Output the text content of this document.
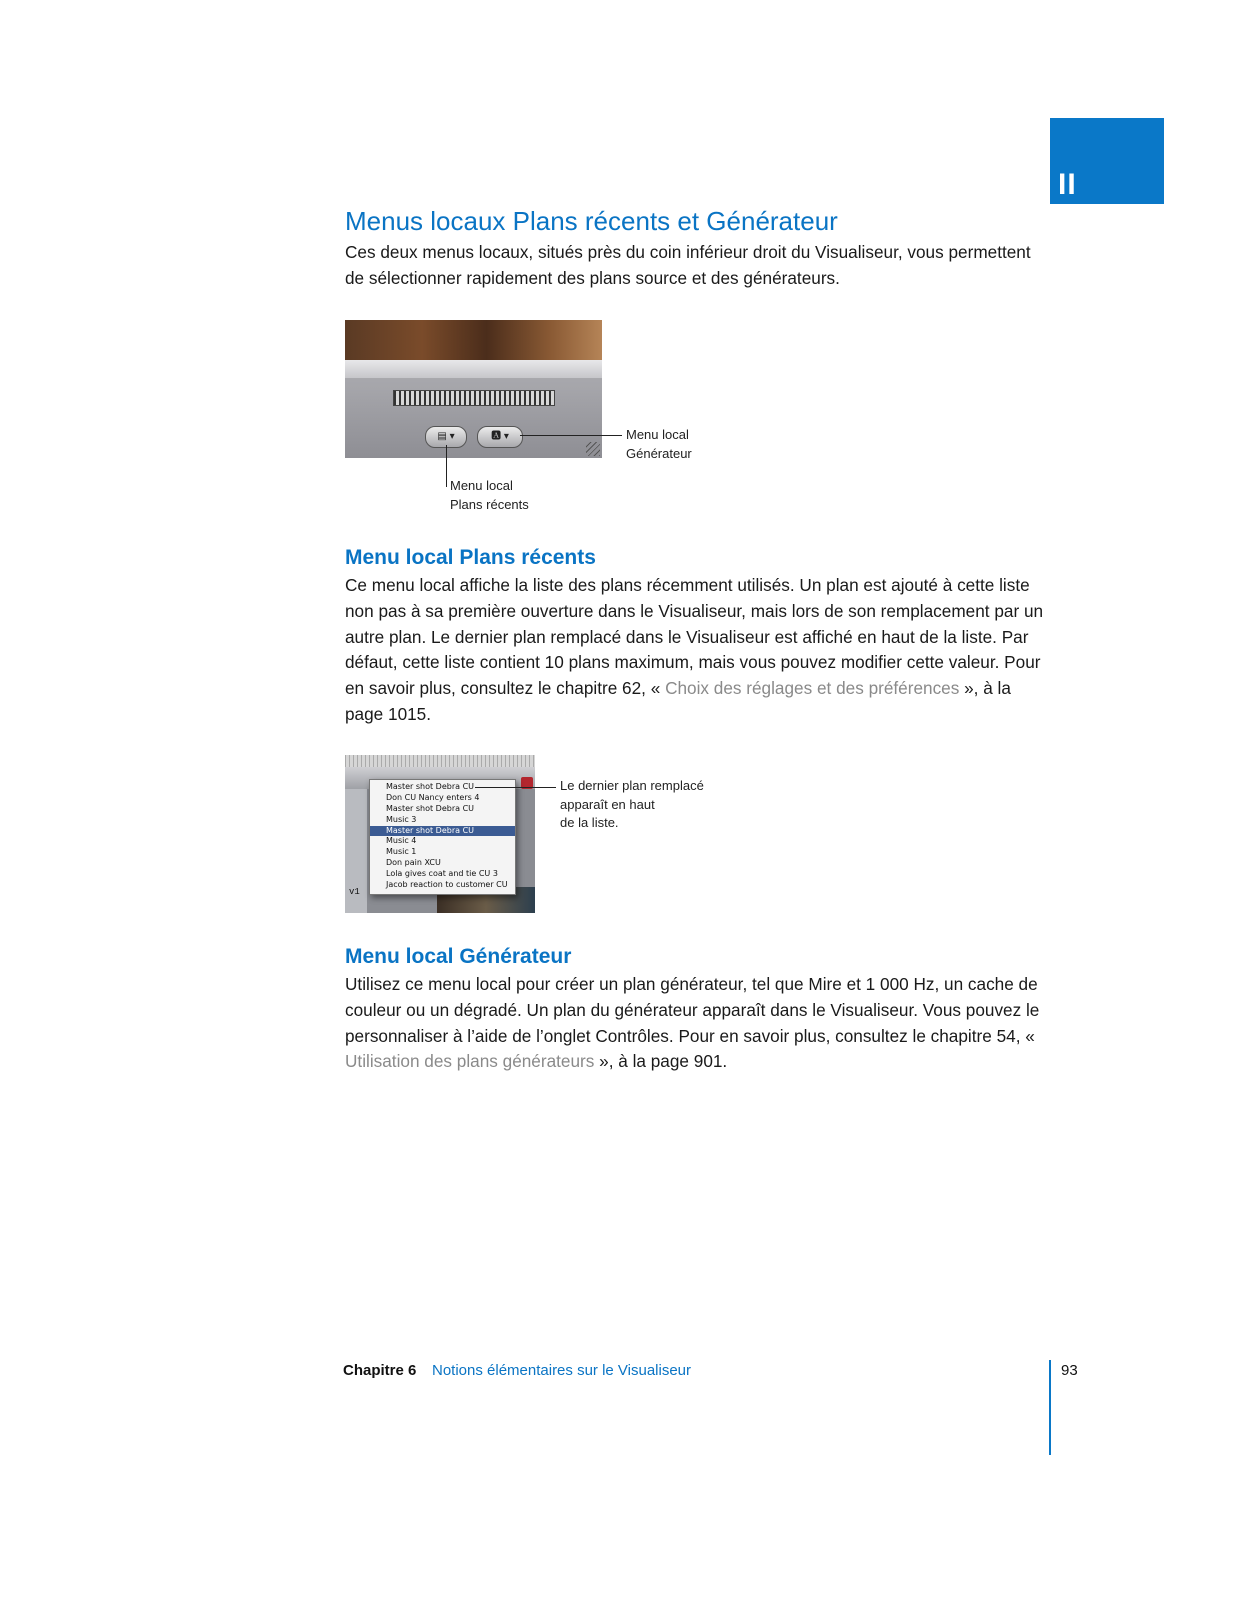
II
Menus locaux Plans récents et Générateur

Ces deux menus locaux, situés près du coin inférieur droit du Visualiseur, vous permettent de sélectionner rapidement des plans source et des générateurs.

▤ ▾	🅰 ▾	Menu local
Générateur
Menu local
Plans récents
Menu local Plans récents

Ce menu local affiche la liste des plans récemment utilisés. Un plan est ajouté à cette liste non pas à sa première ouverture dans le Visualiseur, mais lors de son remplacement par un autre plan. Le dernier plan remplacé dans le Visualiseur est affiché en haut de la liste. Par défaut, cette liste contient 10 plans maximum, mais vous pouvez modifier cette valeur. Pour en savoir plus, consultez le chapitre 62, « Choix des réglages et des préférences », à la page 1015.

v1
Master shot Debra CU
Don CU Nancy enters 4
Master shot Debra CU
Music 3
Master shot Debra CU
Music 4
Music 1
Don pain XCU
Lola gives coat and tie CU 3
Jacob reaction to customer CU
Le dernier plan remplacé
apparaît en haut
de la liste.
Menu local Générateur

Utilisez ce menu local pour créer un plan générateur, tel que Mire et 1 000 Hz, un cache de couleur ou un dégradé. Un plan du générateur apparaît dans le Visualiseur. Vous pouvez le personnaliser à l’aide de l’onglet Contrôles. Pour en savoir plus, consultez le chapitre 54, « Utilisation des plans générateurs », à la page 901.

Chapitre 6 Notions élémentaires sur le Visualiseur	93
